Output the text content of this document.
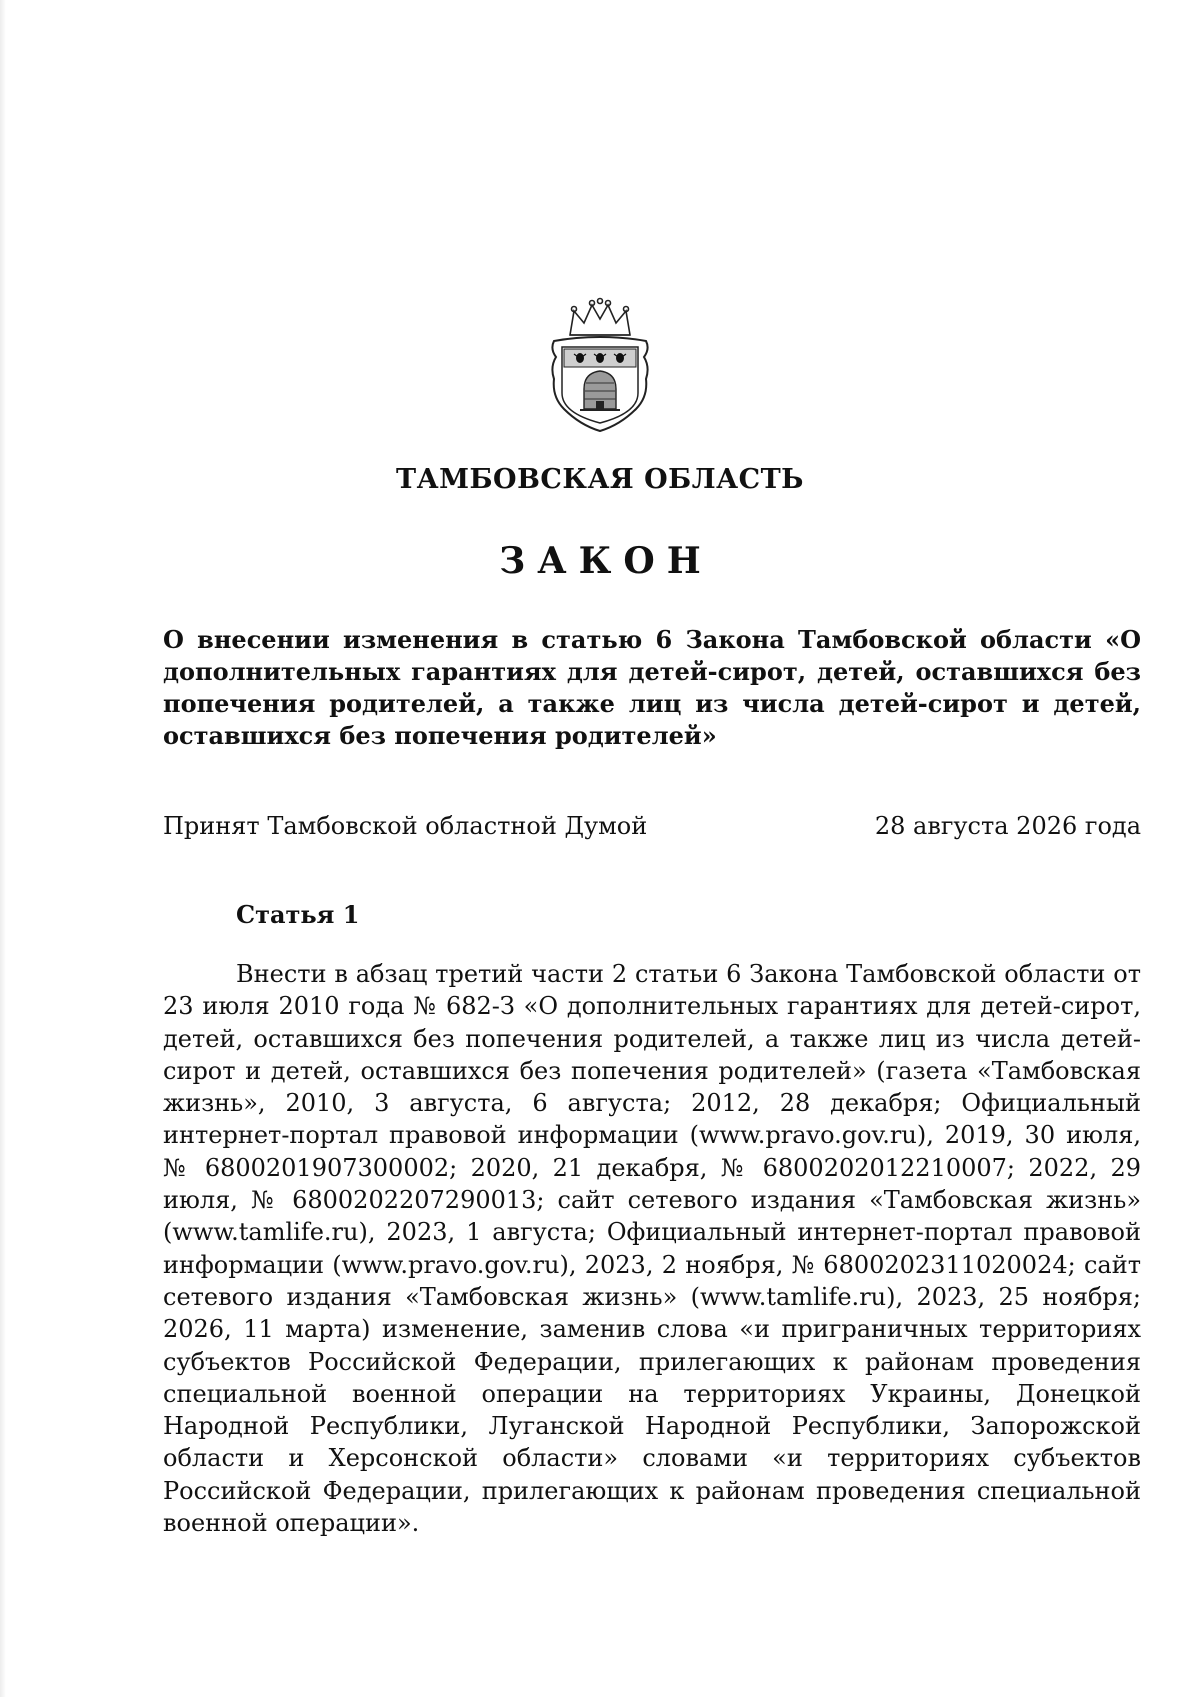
ТАМБОВСКАЯ ОБЛАСТЬ
ЗАКОН
О внесении изменения в статью 6 Закона Тамбовской области «О дополнительных гарантиях для детей-сирот, детей, оставшихся без попечения родителей, а также лиц из числа детей-сирот и детей, оставшихся без попечения родителей»
Принят Тамбовской областной Думой	28 августа 2026 года
Статья 1
Внести в абзац третий части 2 статьи 6 Закона Тамбовской области от 23 июля 2010 года № 682-З «О дополнительных гарантиях для детей-сирот, детей, оставшихся без попечения родителей, а также лиц из числа детей-сирот и детей, оставшихся без попечения родителей» (газета «Тамбовская жизнь», 2010, 3 августа, 6 августа; 2012, 28 декабря; Официальный интернет-портал правовой информации (www.pravo.gov.ru), 2019, 30 июля, № 6800201907300002; 2020, 21 декабря, № 6800202012210007; 2022, 29 июля, № 6800202207290013; сайт сетевого издания «Тамбовская жизнь» (www.tamlife.ru), 2023, 1 августа; Официальный интернет-портал правовой информации (www.pravo.gov.ru), 2023, 2 ноября, № 6800202311020024; сайт сетевого издания «Тамбовская жизнь» (www.tamlife.ru), 2023, 25 ноября; 2026, 11 марта) изменение, заменив слова «и приграничных территориях субъектов Российской Федерации, прилегающих к районам проведения специальной военной операции на территориях Украины, Донецкой Народной Республики, Луганской Народной Республики, Запорожской области и Херсонской области» словами «и территориях субъектов Российской Федерации, прилегающих к районам проведения специальной военной операции».
